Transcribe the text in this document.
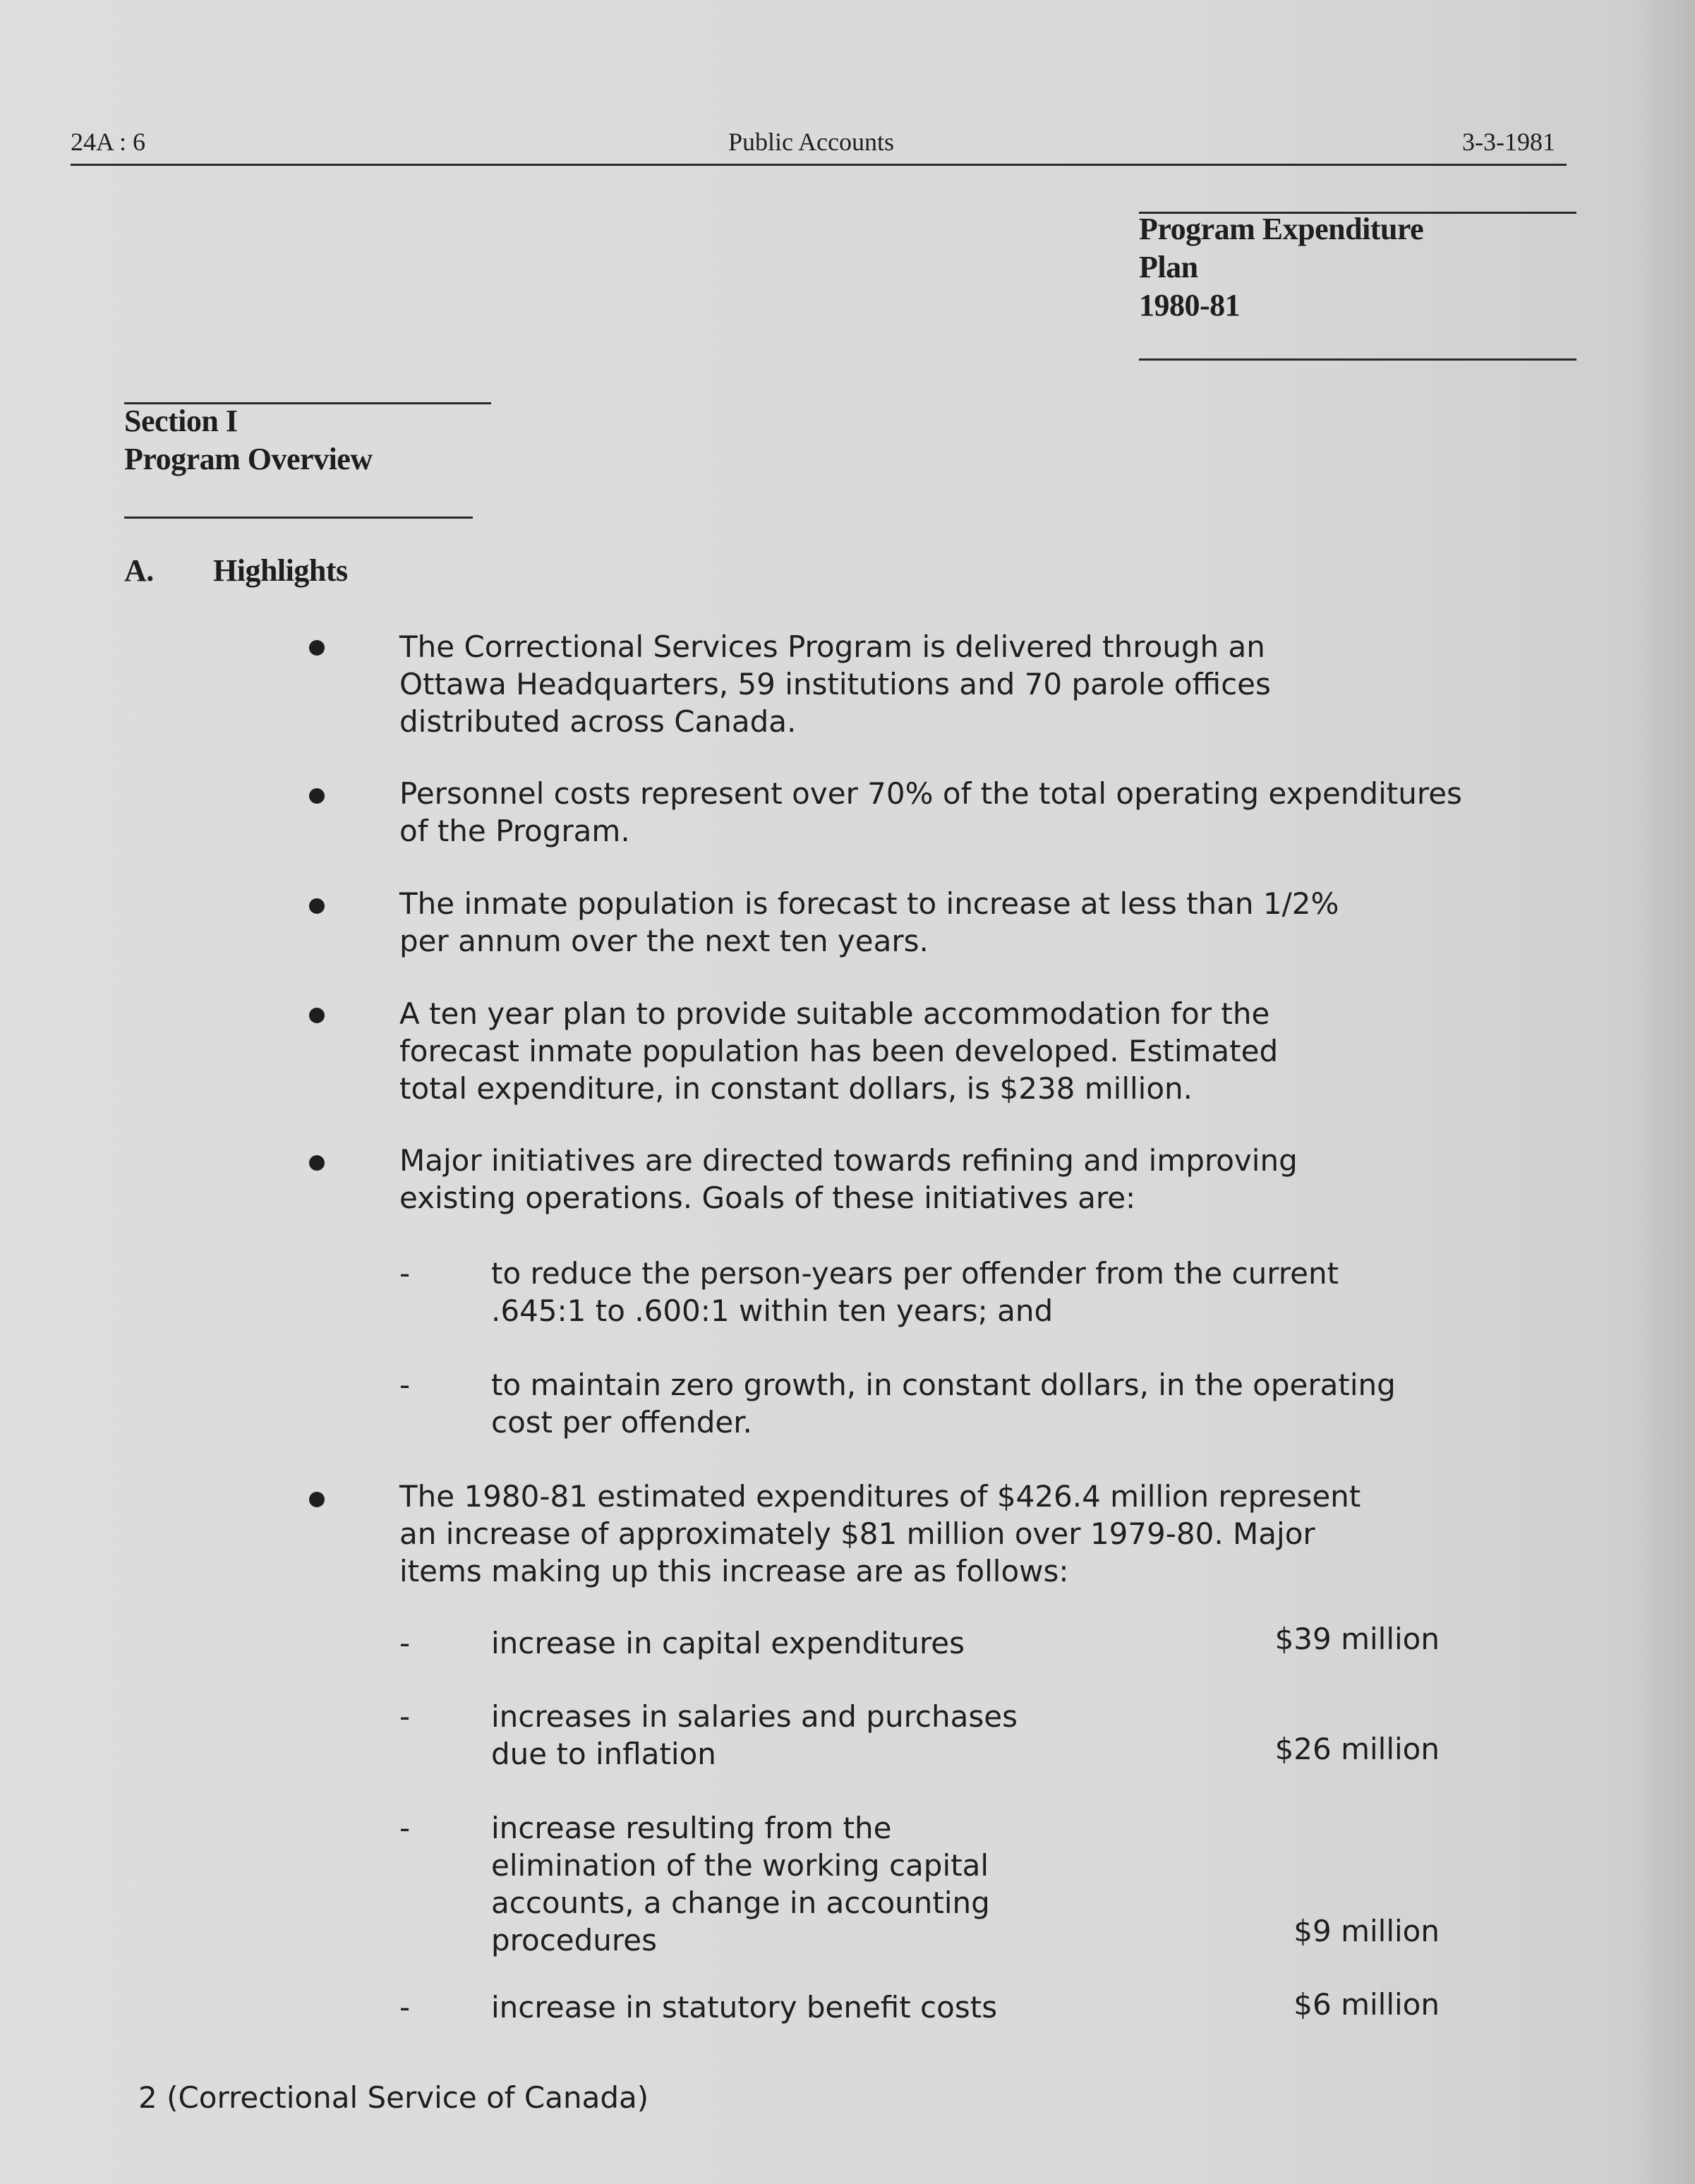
24A : 6	Public Accounts	3-3-1981
Program Expenditure
Plan
1980-81
Section I
Program Overview
A. Highlights
The Correctional Services Program is delivered through an
Ottawa Headquarters, 59 institutions and 70 parole offices
distributed across Canada.
Personnel costs represent over 70% of the total operating expenditures
of the Program.
The inmate population is forecast to increase at less than 1/2%
per annum over the next ten years.
A ten year plan to provide suitable accommodation for the
forecast inmate population has been developed. Estimated
total expenditure, in constant dollars, is $238 million.
Major initiatives are directed towards refining and improving
existing operations. Goals of these initiatives are:
-	to reduce the person-years per offender from the current
.645:1 to .600:1 within ten years; and
-	to maintain zero growth, in constant dollars, in the operating
cost per offender.
The 1980-81 estimated expenditures of $426.4 million represent
an increase of approximately $81 million over 1979-80. Major
items making up this increase are as follows:
-	increase in capital expenditures	$39 million
-	increases in salaries and purchases
due to inflation	$26 million
-	increase resulting from the
elimination of the working capital
accounts, a change in accounting
procedures	$9 million
-	increase in statutory benefit costs	$6 million
2 (Correctional Service of Canada)
